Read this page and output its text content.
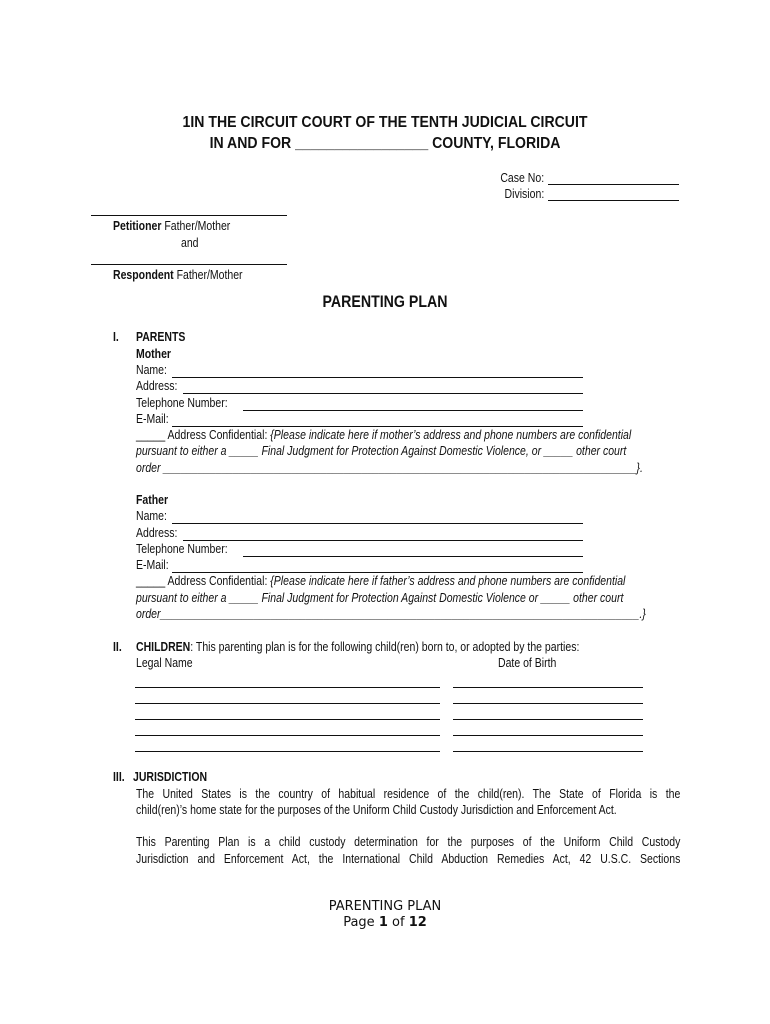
1IN THE CIRCUIT COURT OF THE TENTH JUDICIAL CIRCUIT
IN AND FOR _________________ COUNTY, FLORIDA
Case No:
Division:
Petitioner Father/Mother
and
Respondent Father/Mother
PARENTING PLAN
I. PARENTS
Mother
Name:
Address:
Telephone Number:
E-Mail:
_____ Address Confidential: {Please indicate here if mother’s address and phone numbers are confidential
pursuant to either a _____ Final Judgment for Protection Against Domestic Violence, or _____ other court
order _________________________________________________________________________________}.
Father
Name:
Address:
Telephone Number:
E-Mail:
_____ Address Confidential: {Please indicate here if father’s address and phone numbers are confidential
pursuant to either a _____ Final Judgment for Protection Against Domestic Violence or _____ other court
order__________________________________________________________________________________.}
II. CHILDREN: This parenting plan is for the following child(ren) born to, or adopted by the parties:
Legal Name	Date of Birth
III. JURISDICTION
The United States is the country of habitual residence of the child(ren). The State of Florida is the
child(ren)’s home state for the purposes of the Uniform Child Custody Jurisdiction and Enforcement Act.
This Parenting Plan is a child custody determination for the purposes of the Uniform Child Custody
Jurisdiction and Enforcement Act, the International Child Abduction Remedies Act, 42 U.S.C. Sections
PARENTING PLAN
Page 1 of 12
